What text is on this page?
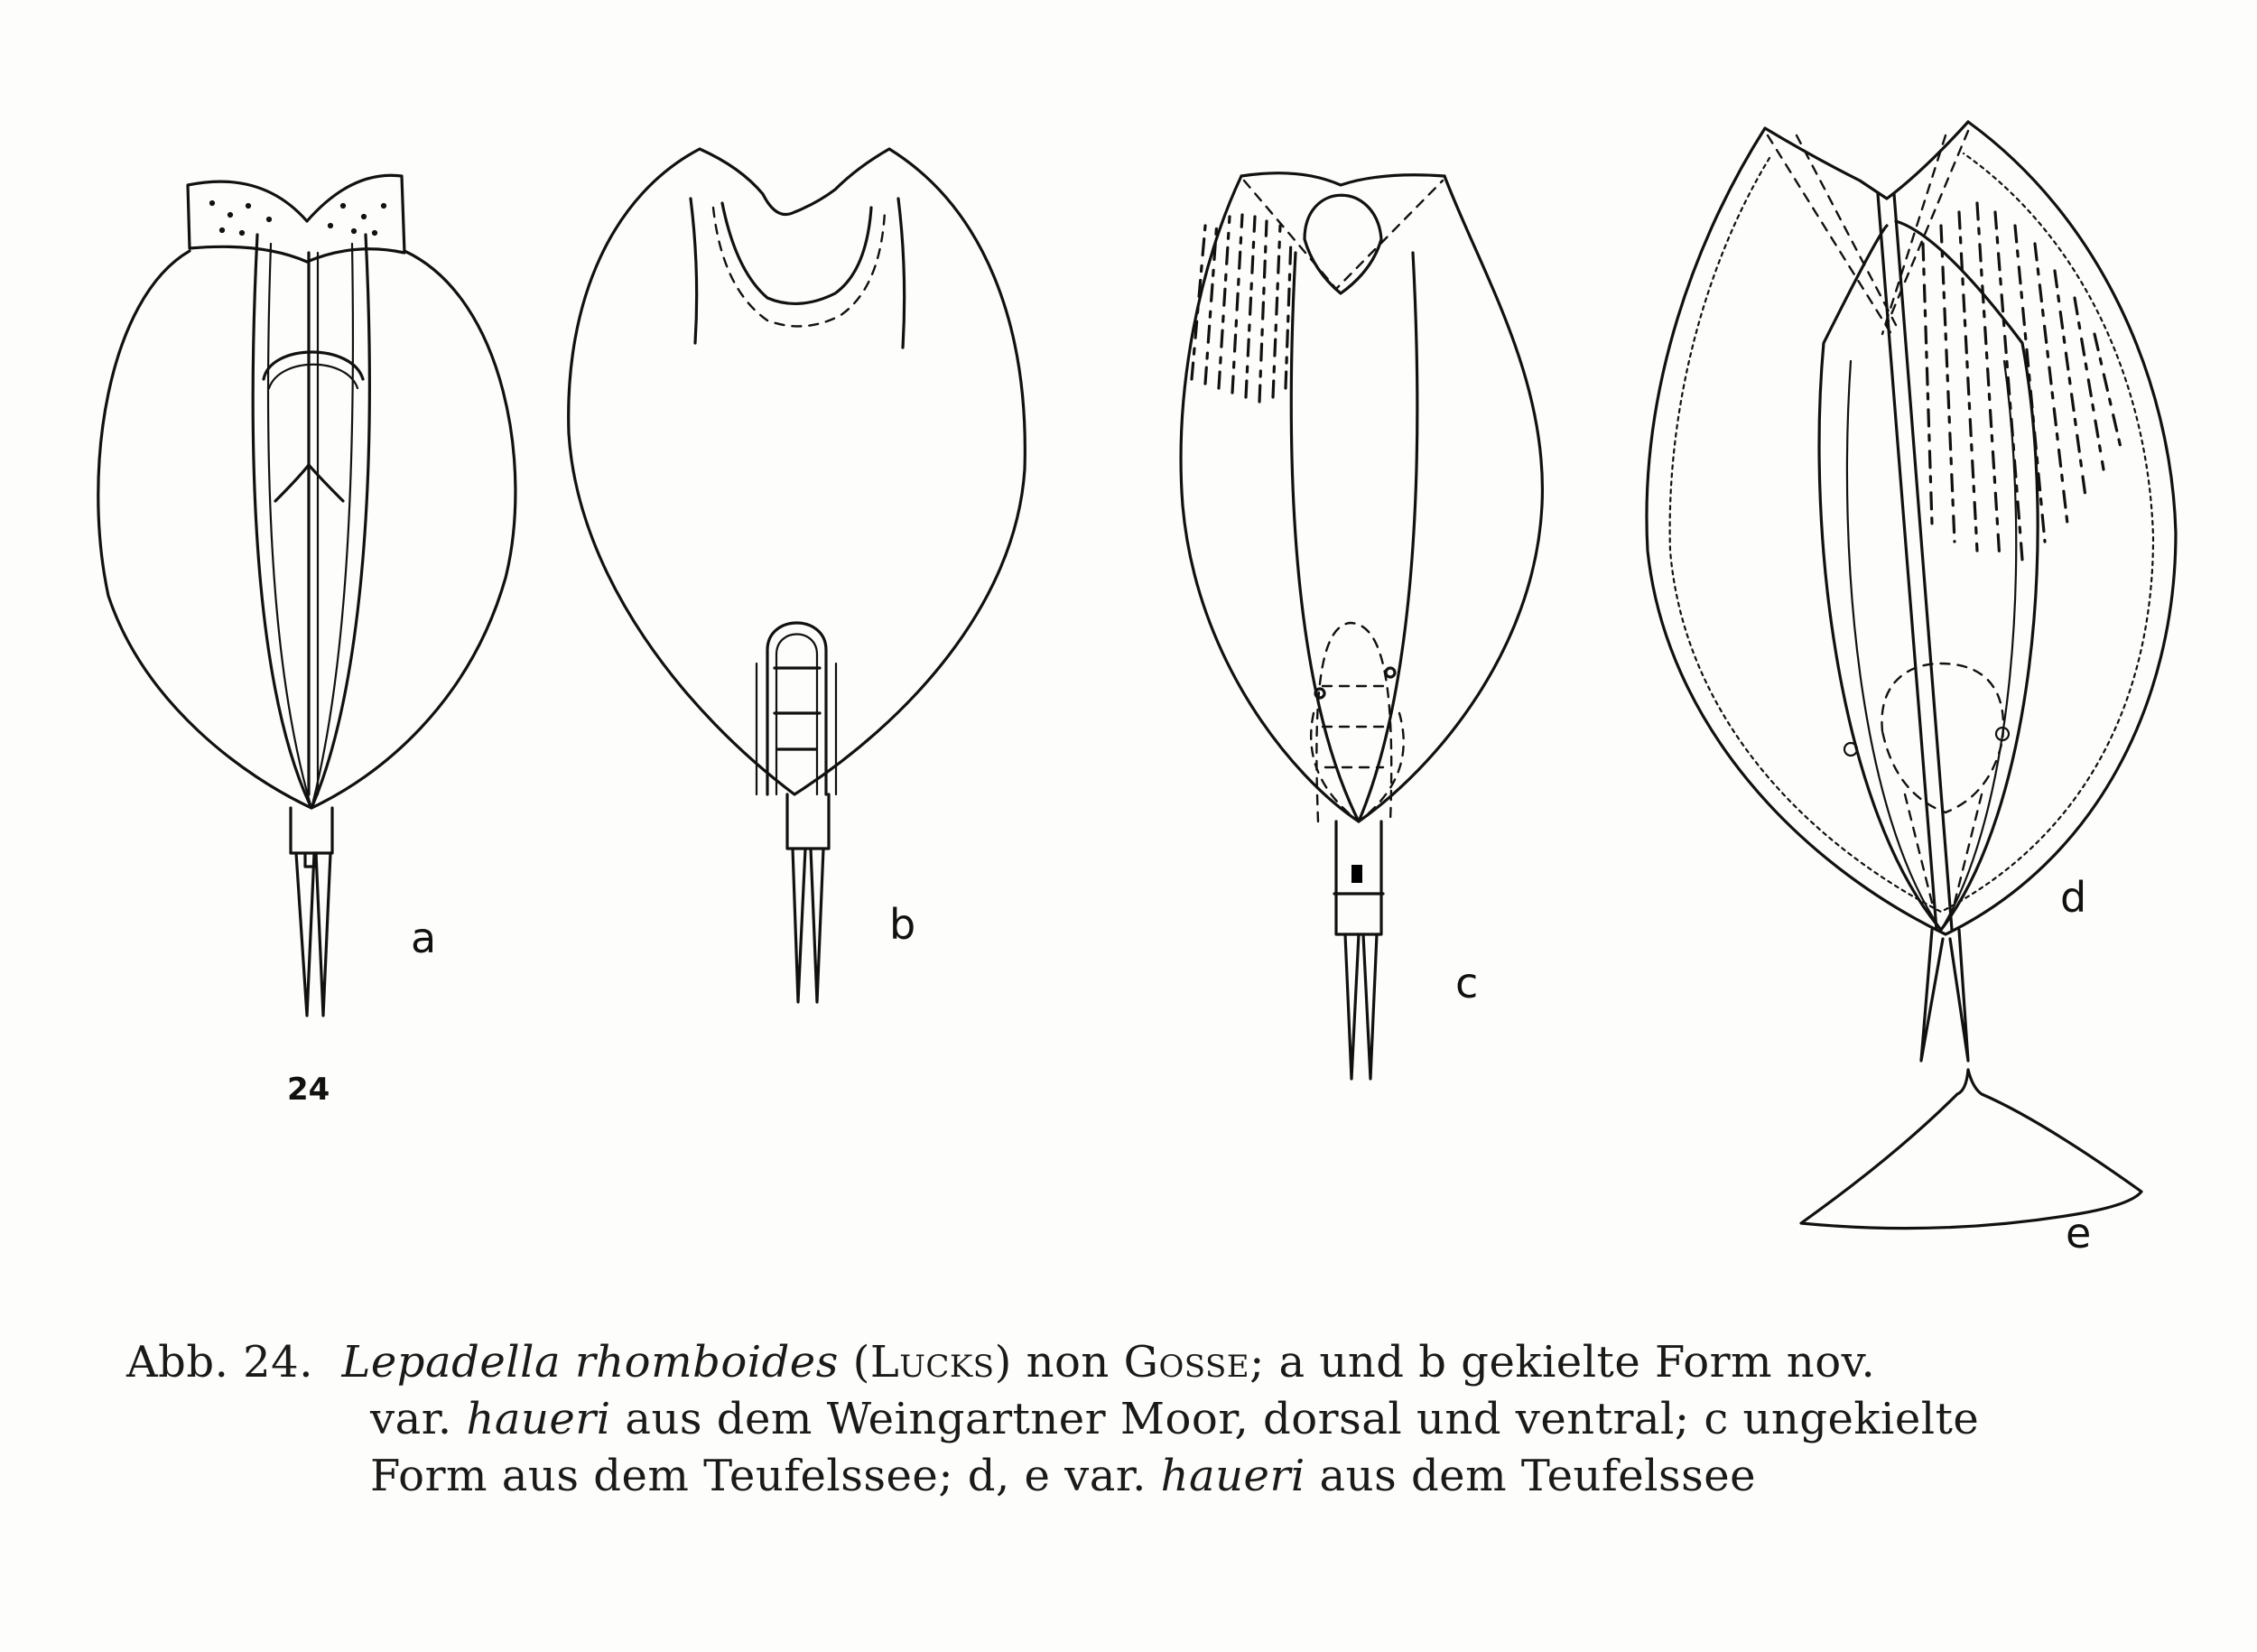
a
24
b
c
d
e
Abb. 24. Lepadella rhomboides (Lucks) non Gosse; a und b gekielte Form nov.
var. haueri aus dem Weingartner Moor, dorsal und ventral; c ungekielte
Form aus dem Teufelssee; d, e var. haueri aus dem Teufelssee
